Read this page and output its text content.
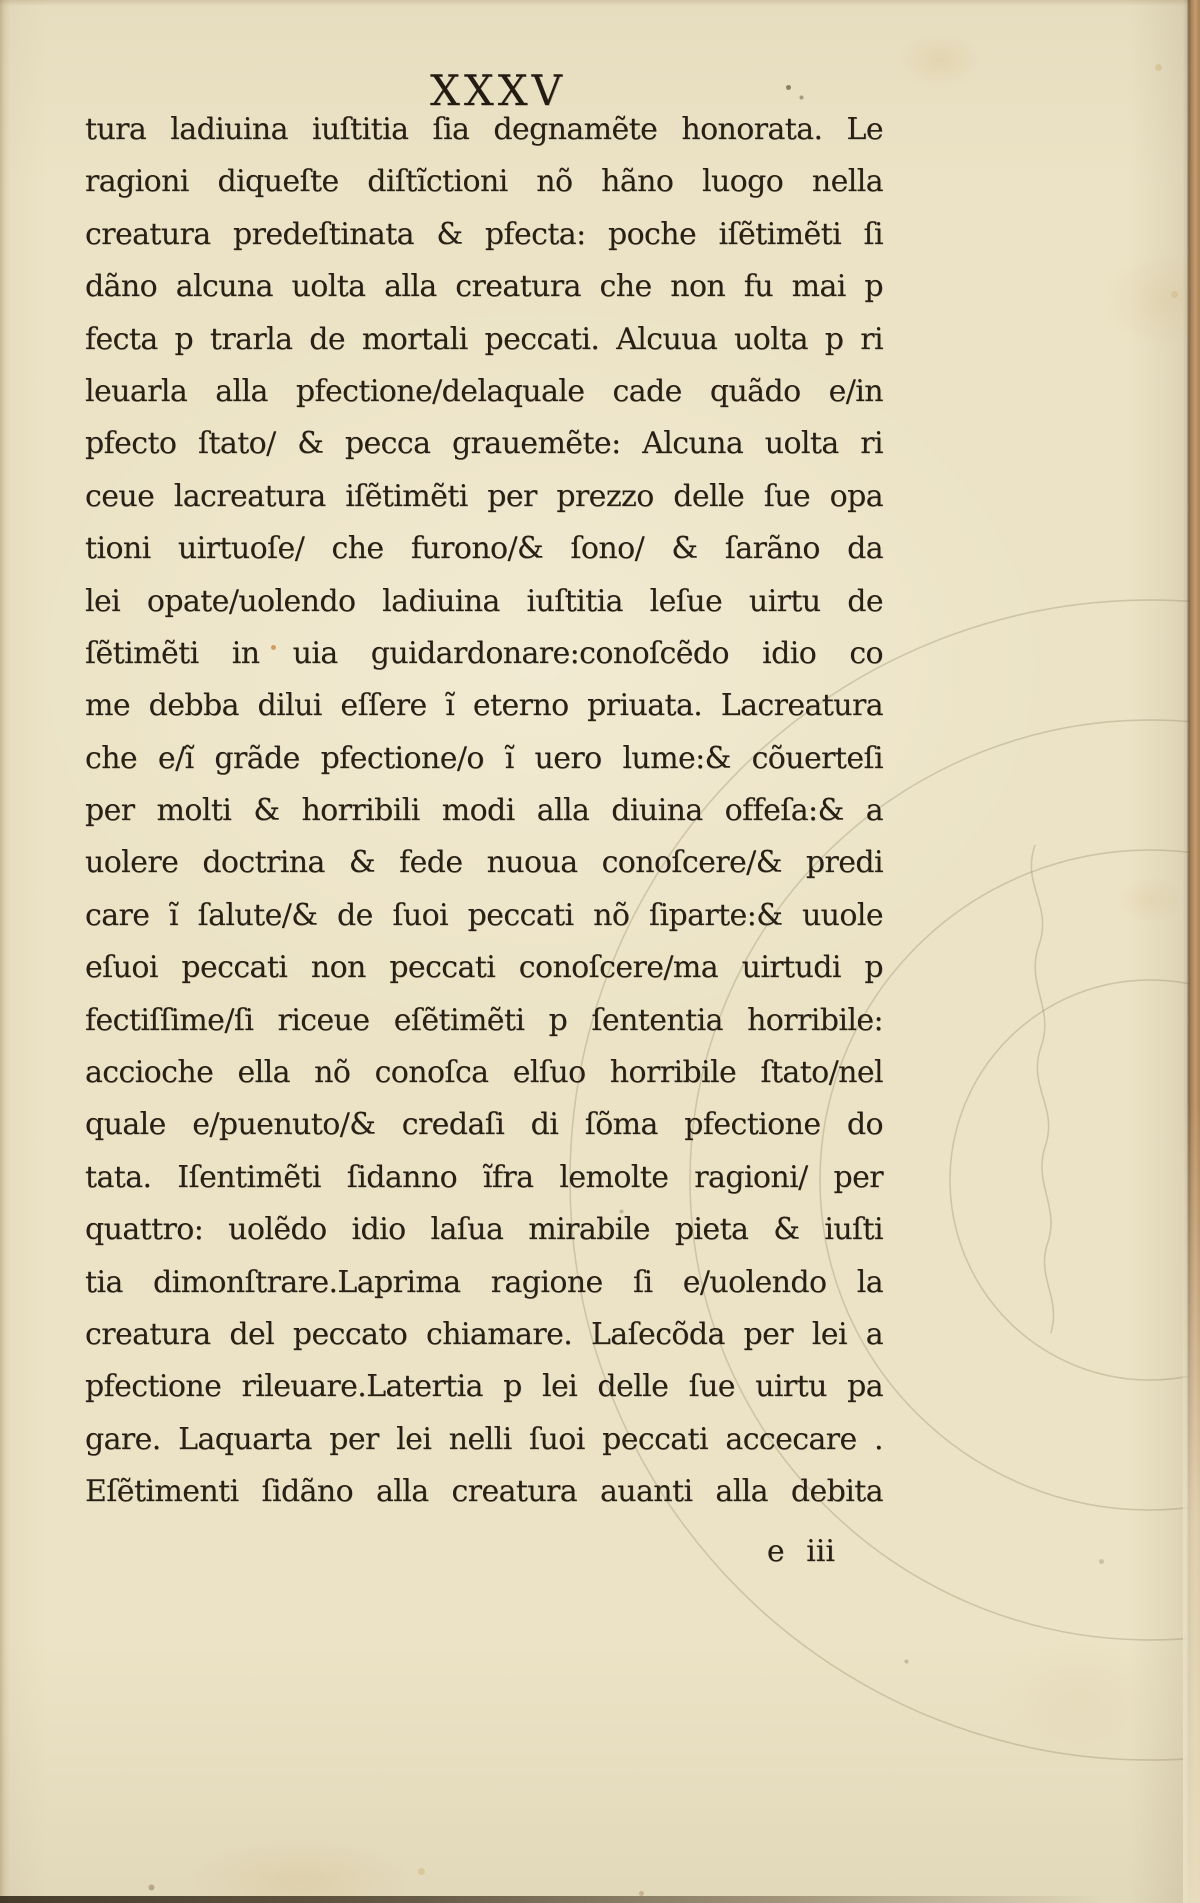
XXXV
tura ladiuina iuſtitia ſia degnamẽte honorata. Le
ragioni diqueſte diſtĩctioni nõ hãno luogo nella
creatura predeſtinata & pfecta: poche iſẽtimẽti ſi
dãno alcuna uolta alla creatura che non fu mai p
fecta p trarla de mortali peccati. Alcuua uolta p ri
leuarla alla pfectione/delaquale cade quãdo e/in
pfecto ſtato/ & pecca grauemẽte: Alcuna uolta ri
ceue lacreatura iſẽtimẽti per prezzo delle ſue opa
tioni uirtuoſe/ che furono/& ſono/ & ſarãno da
lei opate/uolendo ladiuina iuſtitia leſue uirtu de
ſẽtimẽti in uia guidardonare:conoſcẽdo idio co
me debba dilui eſſere ĩ eterno priuata. Lacreatura
che e/ĩ grãde pfectione/o ĩ uero lume:& cõuerteſi
per molti & horribili modi alla diuina offeſa:& a
uolere doctrina & fede nuoua conoſcere/& predi
care ĩ ſalute/& de ſuoi peccati nõ ſiparte:& uuole
eſuoi peccati non peccati conoſcere/ma uirtudi p
fectiſſime/ſi riceue eſẽtimẽti p ſententia horribile:
accioche ella nõ conoſca elſuo horribile ſtato/nel
quale e/puenuto/& credaſi di ſõma pfectione do
tata. Iſentimẽti ſidanno ĩfra lemolte ragioni/ per
quattro: uolẽdo idio laſua mirabile pieta & iuſti
tia dimonſtrare.Laprima ragione ſi e/uolendo la
creatura del peccato chiamare. Laſecõda per lei a
pfectione rileuare.Latertia p lei delle ſue uirtu pa
gare. Laquarta per lei nelli ſuoi peccati accecare .
Eſẽtimenti ſidãno alla creatura auanti alla debita
e iii
